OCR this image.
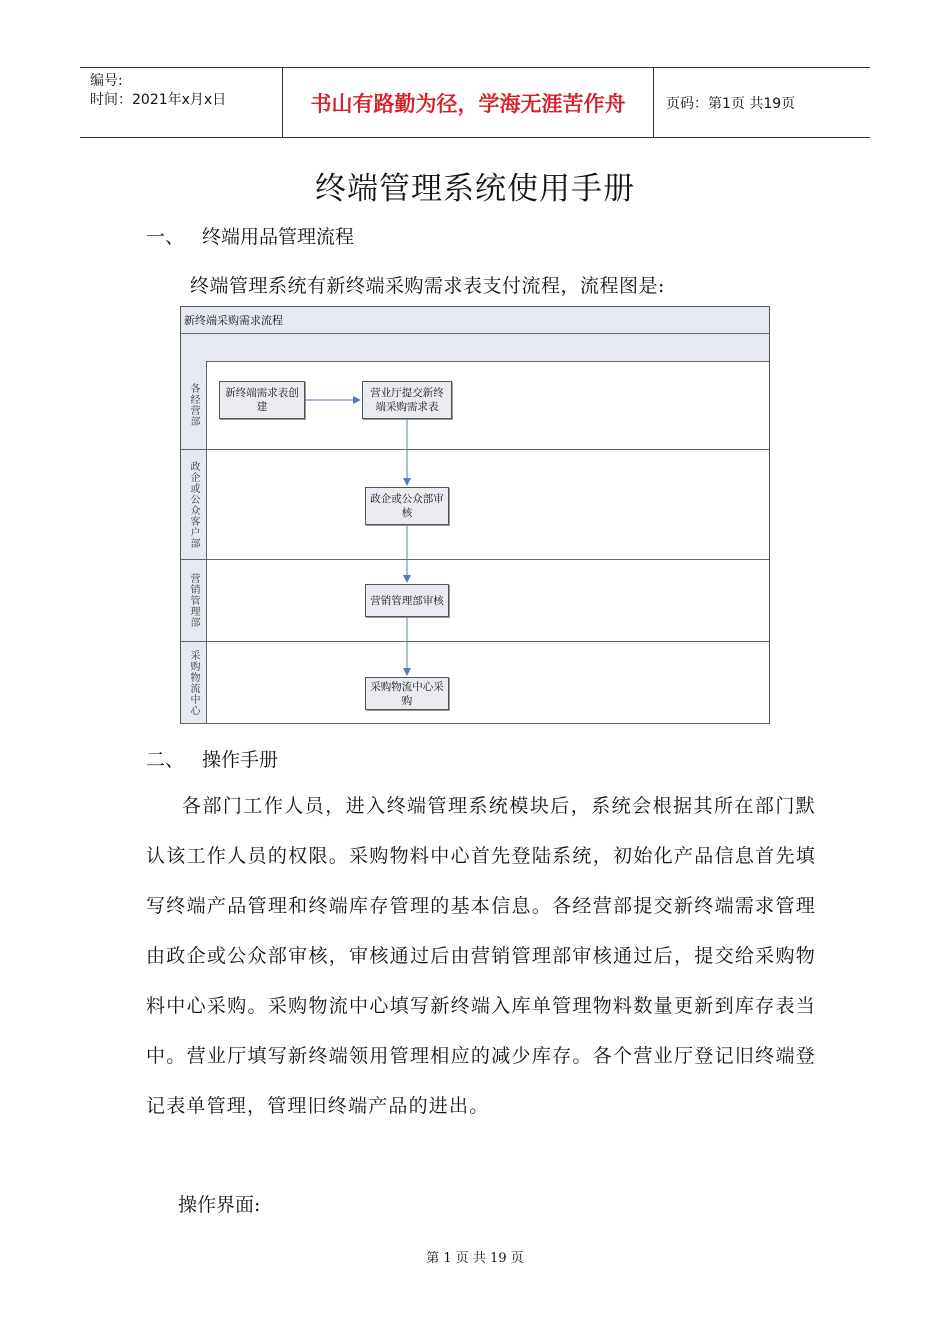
编号:
时间：2021年x月x日	书山有路勤为径，学海无涯苦作舟	页码：第1页 共19页
终端管理系统使用手册
一、 终端用品管理流程
终端管理系统有新终端采购需求表支付流程，流程图是:
新终端采购需求流程
各经营部
政企或公众客户部
营销管理部
采购物流中心
新终端需求表创建
营业厅提交新终端采购需求表
政企或公众部审核
营销管理部审核
采购物流中心采购
二、 操作手册
各部门工作人员，进入终端管理系统模块后，系统会根据其所在部门默认该工作人员的权限。采购物料中心首先登陆系统，初始化产品信息首先填写终端产品管理和终端库存管理的基本信息。各经营部提交新终端需求管理由政企或公众部审核，审核通过后由营销管理部审核通过后，提交给采购物料中心采购。采购物流中心填写新终端入库单管理物料数量更新到库存表当中。营业厅填写新终端领用管理相应的减少库存。各个营业厅登记旧终端登记表单管理，管理旧终端产品的进出。
操作界面:
第 1 页 共 19 页
